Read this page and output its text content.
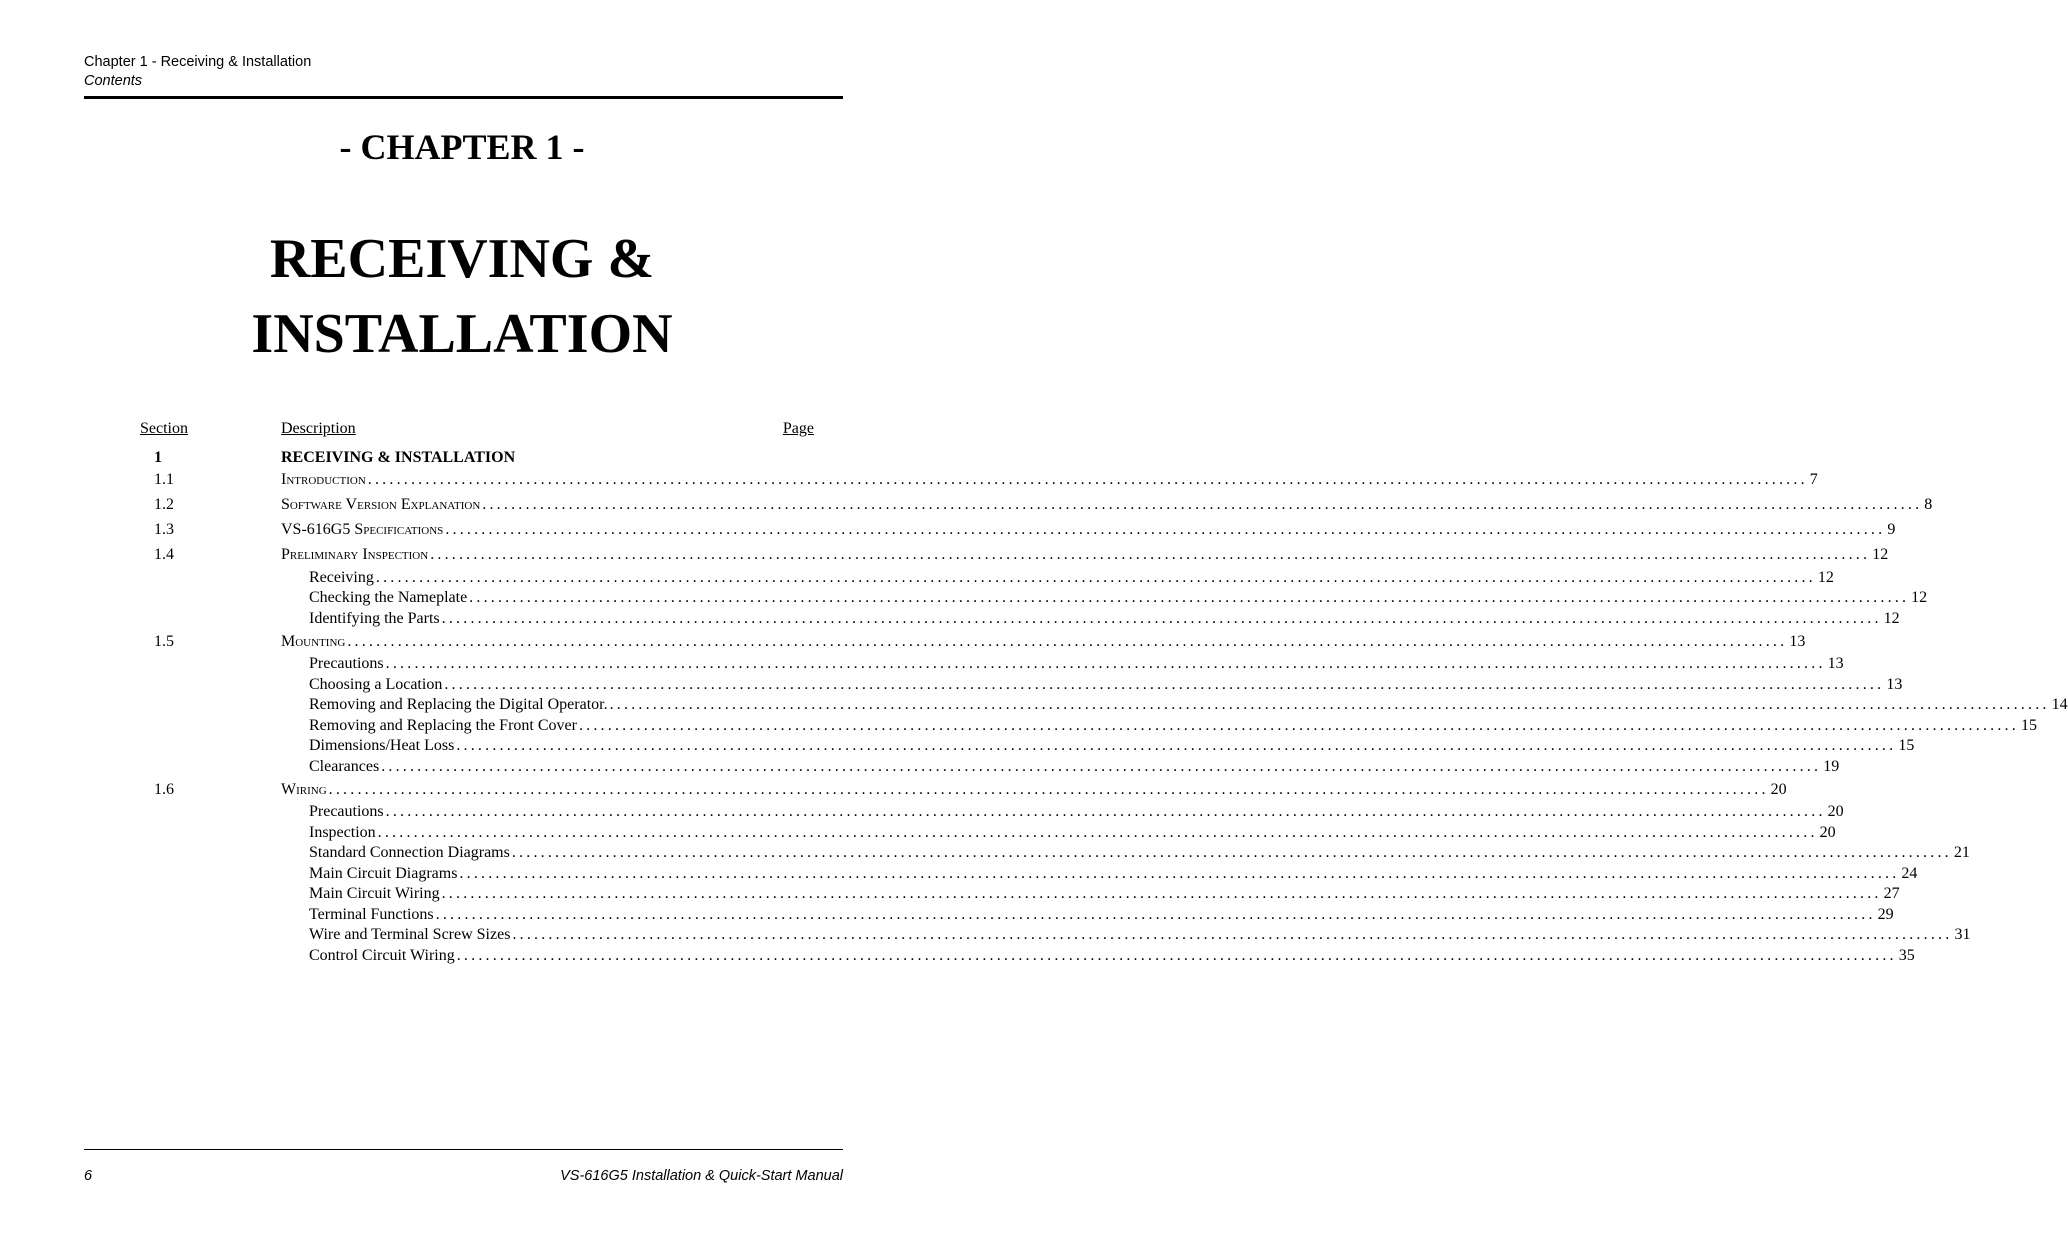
Chapter 1 - Receiving & Installation
Contents
- CHAPTER 1 -
RECEIVING &
INSTALLATION
Section	Description	Page
1	RECEIVING & INSTALLATION
1.1	Introduction ........................................................................................................................................................................................................ 7
1.2	Software Version Explanation ........................................................................................................................................................................................................ 8
1.3	VS-616G5 Specifications ........................................................................................................................................................................................................ 9
1.4	Preliminary Inspection ........................................................................................................................................................................................................ 12
Receiving ........................................................................................................................................................................................................ 12
Checking the Nameplate ........................................................................................................................................................................................................ 12
Identifying the Parts ........................................................................................................................................................................................................ 12
1.5	Mounting ........................................................................................................................................................................................................ 13
Precautions ........................................................................................................................................................................................................ 13
Choosing a Location ........................................................................................................................................................................................................ 13
Removing and Replacing the Digital Operator. ........................................................................................................................................................................................................ 14
Removing and Replacing the Front Cover ........................................................................................................................................................................................................ 15
Dimensions/Heat Loss ........................................................................................................................................................................................................ 15
Clearances ........................................................................................................................................................................................................ 19
1.6	Wiring ........................................................................................................................................................................................................ 20
Precautions ........................................................................................................................................................................................................ 20
Inspection ........................................................................................................................................................................................................ 20
Standard Connection Diagrams ........................................................................................................................................................................................................ 21
Main Circuit Diagrams ........................................................................................................................................................................................................ 24
Main Circuit Wiring ........................................................................................................................................................................................................ 27
Terminal Functions ........................................................................................................................................................................................................ 29
Wire and Terminal Screw Sizes ........................................................................................................................................................................................................ 31
Control Circuit Wiring ........................................................................................................................................................................................................ 35
6	VS-616G5 Installation & Quick-Start Manual
